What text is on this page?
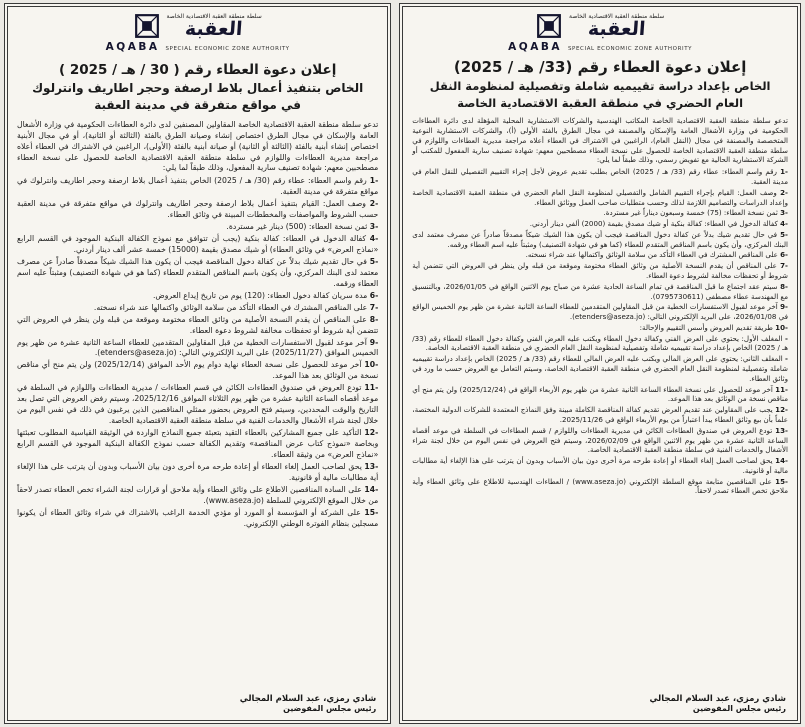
سلطة منطقة العقبة الاقتصادية الخاصة
العقبة
AQABA SPECIAL ECONOMIC ZONE AUTHORITY
إعلان دعوة العطاء رقم ( 30 / هـ / 2025 )
الخاص بتنفيذ أعمال بلاط ارصفة وحجر اطاريف وانترلوك في مواقع متفرقة في مدينة العقبة

تدعو سلطة منطقة العقبة الاقتصادية الخاصة المقاولين المصنفين لدى دائرة العطاءات الحكومية في وزارة الأشغال العامة والإسكان في مجال الطرق اختصاص إنشاء وصيانة الطرق بالفئة (الثالثة أو الثانية)، أو في مجال الأبنية اختصاص إنشاء أبنية بالفئة (الثالثة أو الثانية) أو صيانة أبنية بالفئة (الأولى)، الراغبين في الاشتراك في العطاء أعلاه مراجعة مديرية العطاءات واللوازم في سلطة منطقة العقبة الاقتصادية الخاصة للحصول على نسخة العطاء مصطحبين معهم: شهادة تصنيف سارية المفعول، وذلك طبقاً لما يلي:

1- رقم واسم العطاء: عطاء رقم (30/ هـ / 2025) الخاص بتنفيذ أعمال بلاط ارصفة وحجر اطاريف وانترلوك في مواقع متفرقة في مدينة العقبة.

2- وصف العمل: القيام بتنفيذ أعمال بلاط ارصفة وحجر اطاريف وانترلوك في مواقع متفرقة في مدينة العقبة حسب الشروط والمواصفات والمخططات المبينة في وثائق العطاء.

3- ثمن نسخة العطاء: (500) دينار غير مستردة.

4- كفالة الدخول في العطاء: كفالة بنكية (يجب أن تتوافق مع نموذج الكفالة البنكية الموجود في القسم الرابع «نماذج العرض» في وثائق العطاء) أو شيك مصدق بقيمة (15000) خمسة عشر ألف دينار أردني.

5- في حال تقديم شيك بدلاً عن كفالة دخول المناقصة فيجب أن يكون هذا الشيك شيكاً مصدقاً صادراً عن مصرف معتمد لدى البنك المركزي، وأن يكون باسم المناقص المتقدم للعطاء (كما هو في شهادة التصنيف) ومثبتاً عليه اسم العطاء ورقمه.

6- مدة سريان كفالة دخول العطاء: (120) يوم من تاريخ إيداع العروض.

7- على المناقص المشترك في العطاء التأكد من سلامة الوثائق واكتمالها عند شراء نسخته.

8- على المناقص أن يقدم النسخة الأصلية من وثائق العطاء مختومة وموقعة من قبله ولن ينظر في العروض التي تتضمن أية شروط أو تحفظات مخالفة لشروط دعوة العطاء.

9- آخر موعد لقبول الاستفسارات الخطية من قبل المقاولين المتقدمين للعطاء الساعة الثانية عشرة من ظهر يوم الخميس الموافق (2025/11/27) على البريد الإلكتروني التالي: (etenders@aseza.jo).

10- آخر موعد للحصول على نسخة العطاء نهاية دوام يوم الأحد الموافق (2025/12/14) ولن يتم منح أي مناقص نسخة من الوثائق بعد هذا الموعد.

11- تودع العروض في صندوق العطاءات الكائن في قسم العطاءات / مديرية العطاءات واللوازم في السلطة في موعد أقصاه الساعة الثانية عشرة من ظهر يوم الثلاثاء الموافق 2025/12/16، وسيتم رفض العروض التي تصل بعد التاريخ والوقت المحددين، وسيتم فتح العروض بحضور ممثلي المناقصين الذين يرغبون في ذلك في نفس اليوم من خلال لجنة شراء الأشغال والخدمات الفنية في سلطة منطقة العقبة الاقتصادية الخاصة.

12- التأكيد على جميع المشاركين بالعطاء التقيد بتعبئة جميع النماذج الواردة في الوثيقة القياسية المطلوب تعبئتها وبخاصة «نموذج كتاب عرض المناقصة» وتقديم الكفالة حسب نموذج الكفالة البنكية الموجود في القسم الرابع «نماذج العرض» من وثيقة العطاء.

13- يحق لصاحب العمل إلغاء العطاء أو إعادة طرحه مرة أخرى دون بيان الأسباب وبدون أن يترتب على هذا الإلغاء أية مطالبات مالية أو قانونية.

14- على السادة المناقصين الاطلاع على وثائق العطاء وأية ملاحق أو قرارات لجنة الشراء تخص العطاء تصدر لاحقاً من خلال الموقع الإلكتروني للسلطة (www.aseza.jo).

15- على الشركة أو المؤسسة أو المورد أو مؤدي الخدمة الراغب بالاشتراك في شراء وثائق العطاء أن يكونوا مسجلين بنظام الفوترة الوطني الإلكتروني.

شادي رمزي، عبد السلام المجالي
رئيس مجلس المفوضين
سلطة منطقة العقبة الاقتصادية الخاصة
العقبة
AQABA SPECIAL ECONOMIC ZONE AUTHORITY
إعلان دعوة العطاء رقم (33/ هـ / 2025)
الخاص بإعداد دراسة تقييميه شاملة وتفصيلية لمنظومة النقل العام الحضري في منطقة العقبة الاقتصادية الخاصة

تدعو سلطة منطقة العقبة الاقتصادية الخاصة المكاتب الهندسية والشركات الاستشارية المحلية المؤهلة لدى دائرة العطاءات الحكومية في وزارة الأشغال العامة والإسكان والمصنفة في مجال الطرق بالفئة الأولى (أ)، والشركات الاستشارية النوعية المتخصصة والمصنفة في مجال (النقل العام)، الراغبين في الاشتراك في العطاء أعلاه مراجعة مديرية العطاءات واللوازم في سلطة منطقة العقبة الاقتصادية الخاصة للحصول على نسخة العطاء مصطحبين معهم: شهادة تصنيف سارية المفعول للمكتب أو الشركة الاستشارية الحالية مع تفويض رسمي، وذلك طبقاً لما يلي:

1- رقم واسم العطاء: عطاء رقم (33/ هـ / 2025) الخاص بطلب تقديم عروض لأجل إجراء التقييم التفصيلي للنقل العام في مدينة العقبة.

2- وصف العمل: القيام بإجراء التقييم الشامل والتفصيلي لمنظومة النقل العام الحضري في منطقة العقبة الاقتصادية الخاصة وإعداد الدراسات والتصاميم اللازمة لذلك وحسب متطلبات صاحب العمل ووثائق العطاء.

3- ثمن نسخة العطاء: (75) خمسة وسبعون ديناراً غير مستردة.

4- كفالة الدخول في العطاء: كفالة بنكية أو شيك مصدق بقيمة (2000) ألفي دينار أردني.

5- في حال تقديم شيك بدلاً عن كفالة دخول المناقصة فيجب أن يكون هذا الشيك شيكاً مصدقاً صادراً عن مصرف معتمد لدى البنك المركزي، وأن يكون باسم المناقص المتقدم للعطاء (كما هو في شهادة التصنيف) ومثبتاً عليه اسم العطاء ورقمه.

6- على المناقص المشترك في العطاء التأكد من سلامة الوثائق واكتمالها عند شراء نسخته.

7- على المناقص أن يقدم النسخة الأصلية من وثائق العطاء مختومة وموقعة من قبله ولن ينظر في العروض التي تتضمن أية شروط أو تحفظات مخالفة لشروط دعوة العطاء.

8- سيتم عقد اجتماع ما قبل المناقصة في تمام الساعة الحادية عشرة من صباح يوم الاثنين الواقع في 2026/01/05، وبالتنسيق مع المهندسة عطاء مصطفى (0795730611).

9- آخر موعد لقبول الاستفسارات الخطية من قبل المقاولين المتقدمين للعطاء الساعة الثانية عشرة من ظهر يوم الخميس الواقع في 2026/01/08، على البريد الإلكتروني التالي: (etenders@aseza.jo).

10- طريقة تقديم العروض وأسس التقييم والإحالة:

- المغلف الأول: يحتوي على العرض الفني وكفالة دخول العطاء ويكتب عليه العرض الفني وكفالة دخول العطاء للعطاء رقم (33/ هـ / 2025) الخاص بإعداد دراسة تقييميه شاملة وتفصيلية لمنظومة النقل العام الحضري في منطقة العقبة الاقتصادية الخاصة.

- المغلف الثاني: يحتوي على العرض المالي ويكتب عليه العرض المالي للعطاء رقم (33/ هـ / 2025) الخاص بإعداد دراسة تقييميه شاملة وتفصيلية لمنظومة النقل العام الحضري في منطقة العقبة الاقتصادية الخاصة، وسيتم التعامل مع العروض حسب ما ورد في وثائق العطاء.

11- آخر موعد للحصول على نسخة العطاء الساعة الثانية عشرة من ظهر يوم الأربعاء الواقع في (2025/12/24) ولن يتم منح أي مناقص نسخة من الوثائق بعد هذا الموعد.

12- يجب على المقاولين عند تقديم العرض تقديم كفالة المناقصة الكاملة مبينة وفق النماذج المعتمدة للشركات الدولية المختصة، علماً بأن بيع وثائق العطاء يبدأ اعتباراً من يوم الأربعاء الواقع في 2025/11/26.

13- تودع العروض في صندوق العطاءات الكائن في مديرية العطاءات واللوازم / قسم العطاءات في السلطة في موعد أقصاه الساعة الثانية عشرة من ظهر يوم الاثنين الواقع في 2026/02/09، وسيتم فتح العروض في نفس اليوم من خلال لجنة شراء الأشغال والخدمات الفنية في سلطة منطقة العقبة الاقتصادية الخاصة.

14- يحق لصاحب العمل إلغاء العطاء أو إعادة طرحه مرة أخرى دون بيان الأسباب وبدون أن يترتب على هذا الإلغاء أية مطالبات مالية أو قانونية.

15- على المناقصين متابعة موقع السلطة الإلكتروني (www.aseza.jo) / العطاءات الهندسية للاطلاع على وثائق العطاء وأية ملاحق تخص العطاء تصدر لاحقاً.

شادي رمزي، عبد السلام المجالي
رئيس مجلس المفوضين
